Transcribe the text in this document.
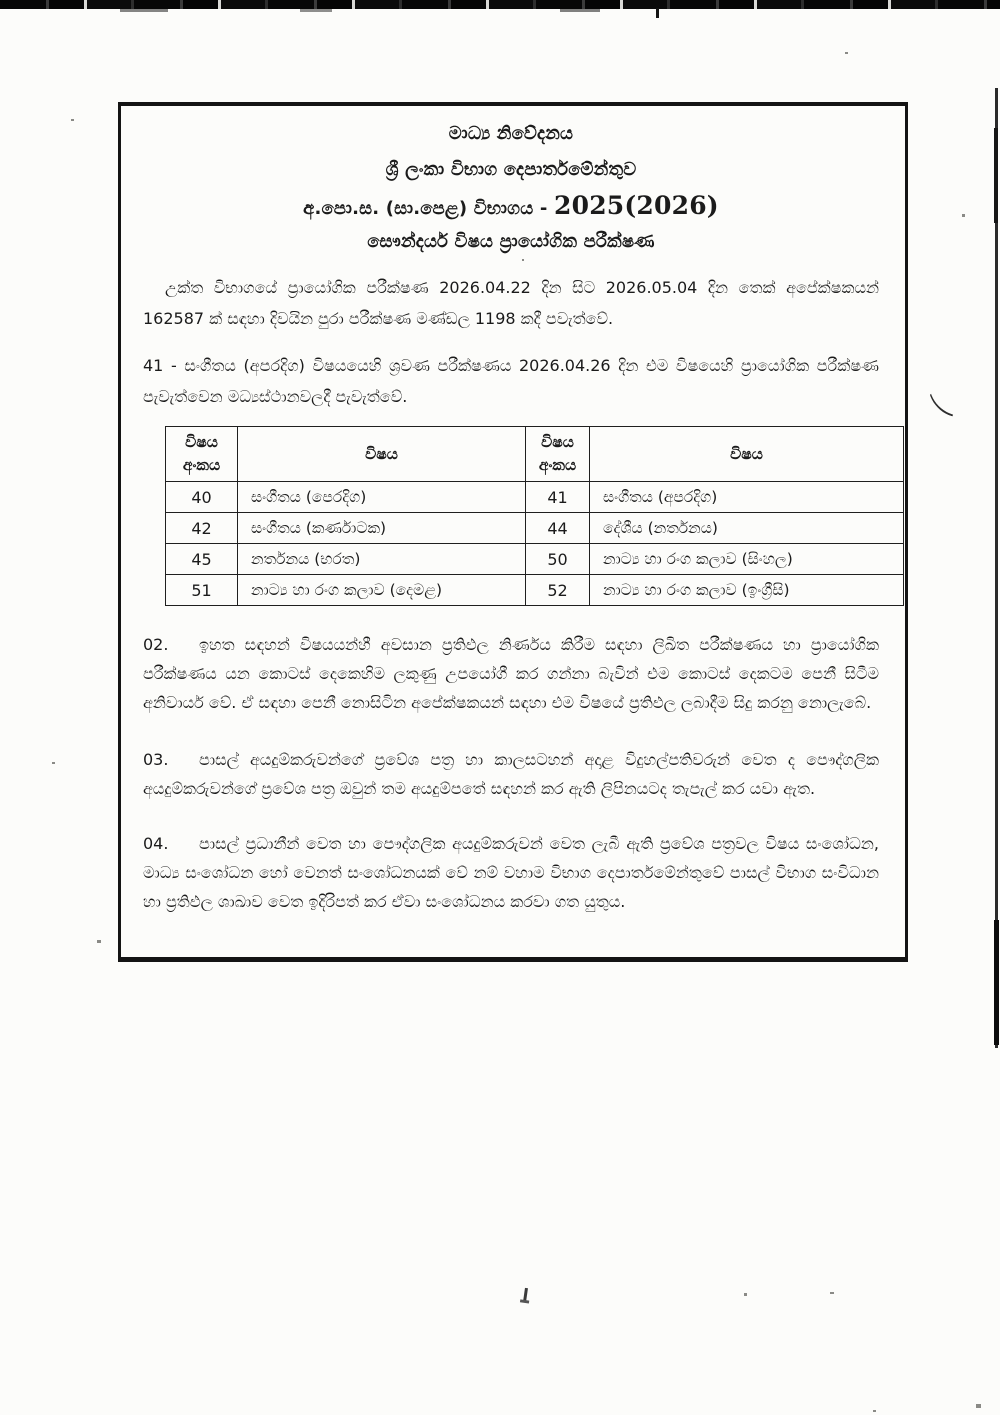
මාධ්‍ය නිවේදනය
ශ්‍රී ලංකා විභාග දෙපාර්තමේන්තුව
අ.පො.ස. (සා.පෙළ) විභාගය - 2025(2026)
සෞන්දර්ය විෂය ප්‍රායෝගික පරීක්ෂණ

උක්ත විභාගයේ ප්‍රායෝගික පරීක්ෂණ 2026.04.22 දින සිට 2026.05.04 දින තෙක් අපේක්ෂකයන් 162587 ක් සඳහා දිවයින පුරා පරීක්ෂණ මණ්ඩල 1198 කදී පවැත්වේ.

41 - සංගීතය (අපරදිග) විෂයයෙහි ශ්‍රවණ පරීක්ෂණය 2026.04.26 දින එම විෂයෙහි ප්‍රායෝගික පරීක්ෂණ පැවැත්වෙන මධ්‍යස්ථානවලදී පැවැත්වේ.

විෂය අංකය	විෂය	විෂය අංකය	විෂය
40	සංගීතය (පෙරදිග)	41	සංගීතය (අපරදිග)
42	සංගීතය (කර්ණාටක)	44	දේශීය (නර්තනය)
45	නර්තනය (භරත)	50	නාට්‍ය හා රංග කලාව (සිංහල)
51	නාට්‍ය හා රංග කලාව (දෙමළ)	52	නාට්‍ය හා රංග කලාව (ඉංග්‍රීසි)
02. ඉහත සඳහන් විෂයයන්හී අවසාන ප්‍රතිඵල නිර්ණය කිරීම සඳහා ලිඛිත පරීක්ෂණය හා ප්‍රායෝගික පරීක්ෂණය යන කොටස් දෙකෙහිම ලකුණු උපයෝගී කර ගන්නා බැවින් එම කොටස් දෙකටම පෙනී සිටීම අනිවාර්ය වේ. ඒ සඳහා පෙනී නොසිටින අපේක්ෂකයන් සඳහා එම විෂයේ ප්‍රතිඵල ලබාදීම සිදු කරනු නොලැබේ.
03. පාසල් අයදුම්කරුවන්ගේ ප්‍රවේශ පත්‍ර හා කාලසටහන් අදාළ විදුහල්පතිවරුන් වෙත ද පෞද්ගලික අයදුම්කරුවන්ගේ ප්‍රවේශ පත්‍ර ඔවුන් තම අයදුම්පතේ සඳහන් කර ඇති ලිපිනයටද තැපැල් කර යවා ඇත.
04. පාසල් ප්‍රධානීන් වෙත හා පෞද්ගලික අයදුම්කරුවන් වෙත ලැබී ඇති ප්‍රවේශ පත්‍රවල විෂය සංශෝධන, මාධ්‍ය සංශෝධන හෝ වෙනත් සංශෝධනයක් වේ නම් වහාම විභාග දෙපාර්තමේන්තුවේ පාසල් විභාග සංවිධාන හා ප්‍රතිඵල ශාඛාව වෙත ඉදිරිපත් කර ඒවා සංශෝධනය කරවා ගත යුතුය.
